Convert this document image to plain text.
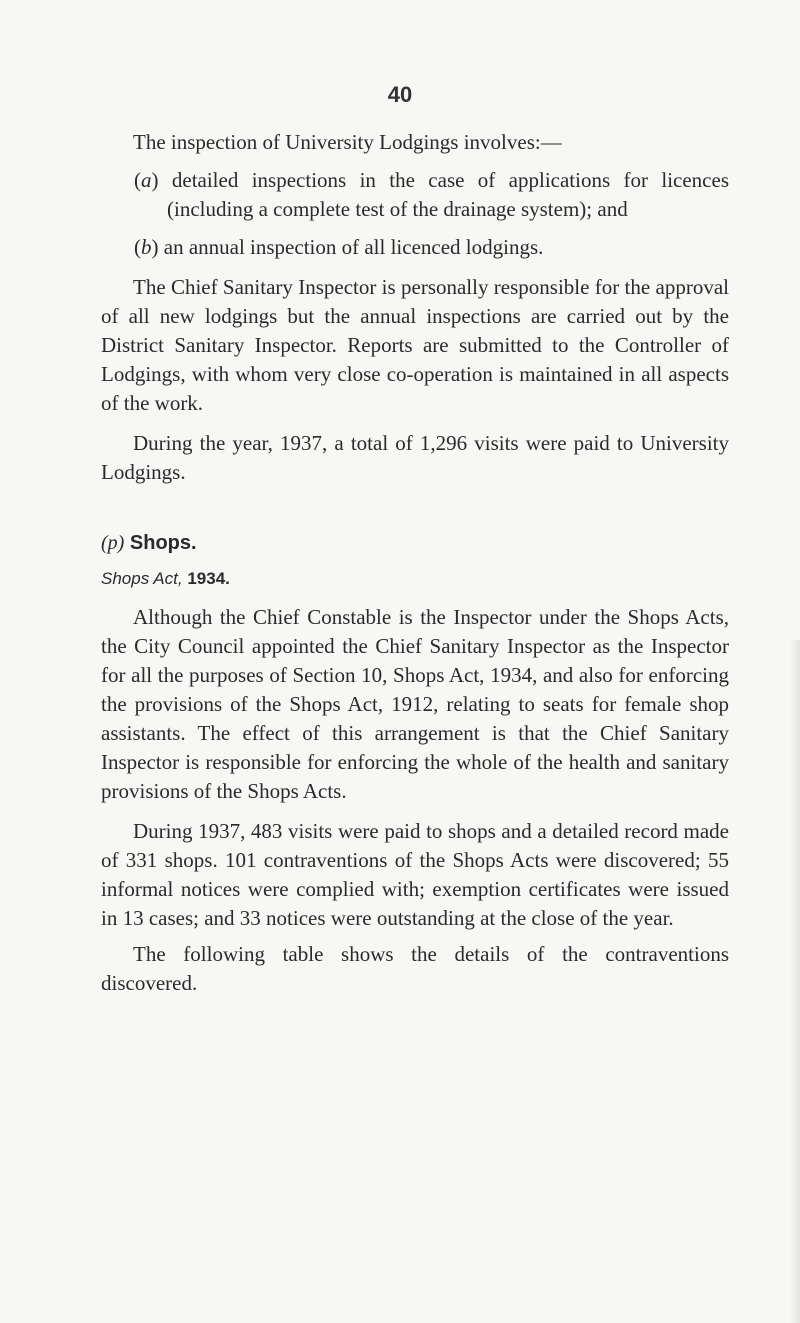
40

The inspection of University Lodgings involves:—

(a) detailed inspections in the case of applications for licences (including a complete test of the drainage system); and

(b) an annual inspection of all licenced lodgings.

The Chief Sanitary Inspector is personally responsible for the approval of all new lodgings but the annual inspections are carried out by the District Sanitary Inspector. Reports are submitted to the Controller of Lodgings, with whom very close co-operation is maintained in all aspects of the work.

During the year, 1937, a total of 1,296 visits were paid to University Lodgings.

(p) Shops.
Shops Act, 1934.

Although the Chief Constable is the Inspector under the Shops Acts, the City Council appointed the Chief Sanitary Inspector as the Inspector for all the purposes of Section 10, Shops Act, 1934, and also for enforcing the provisions of the Shops Act, 1912, relating to seats for female shop assistants. The effect of this arrangement is that the Chief Sanitary Inspector is responsible for enforcing the whole of the health and sanitary provisions of the Shops Acts.

During 1937, 483 visits were paid to shops and a detailed record made of 331 shops. 101 contraventions of the Shops Acts were discovered; 55 informal notices were complied with; exemption certificates were issued in 13 cases; and 33 notices were outstanding at the close of the year.

The following table shows the details of the contraventions discovered.
